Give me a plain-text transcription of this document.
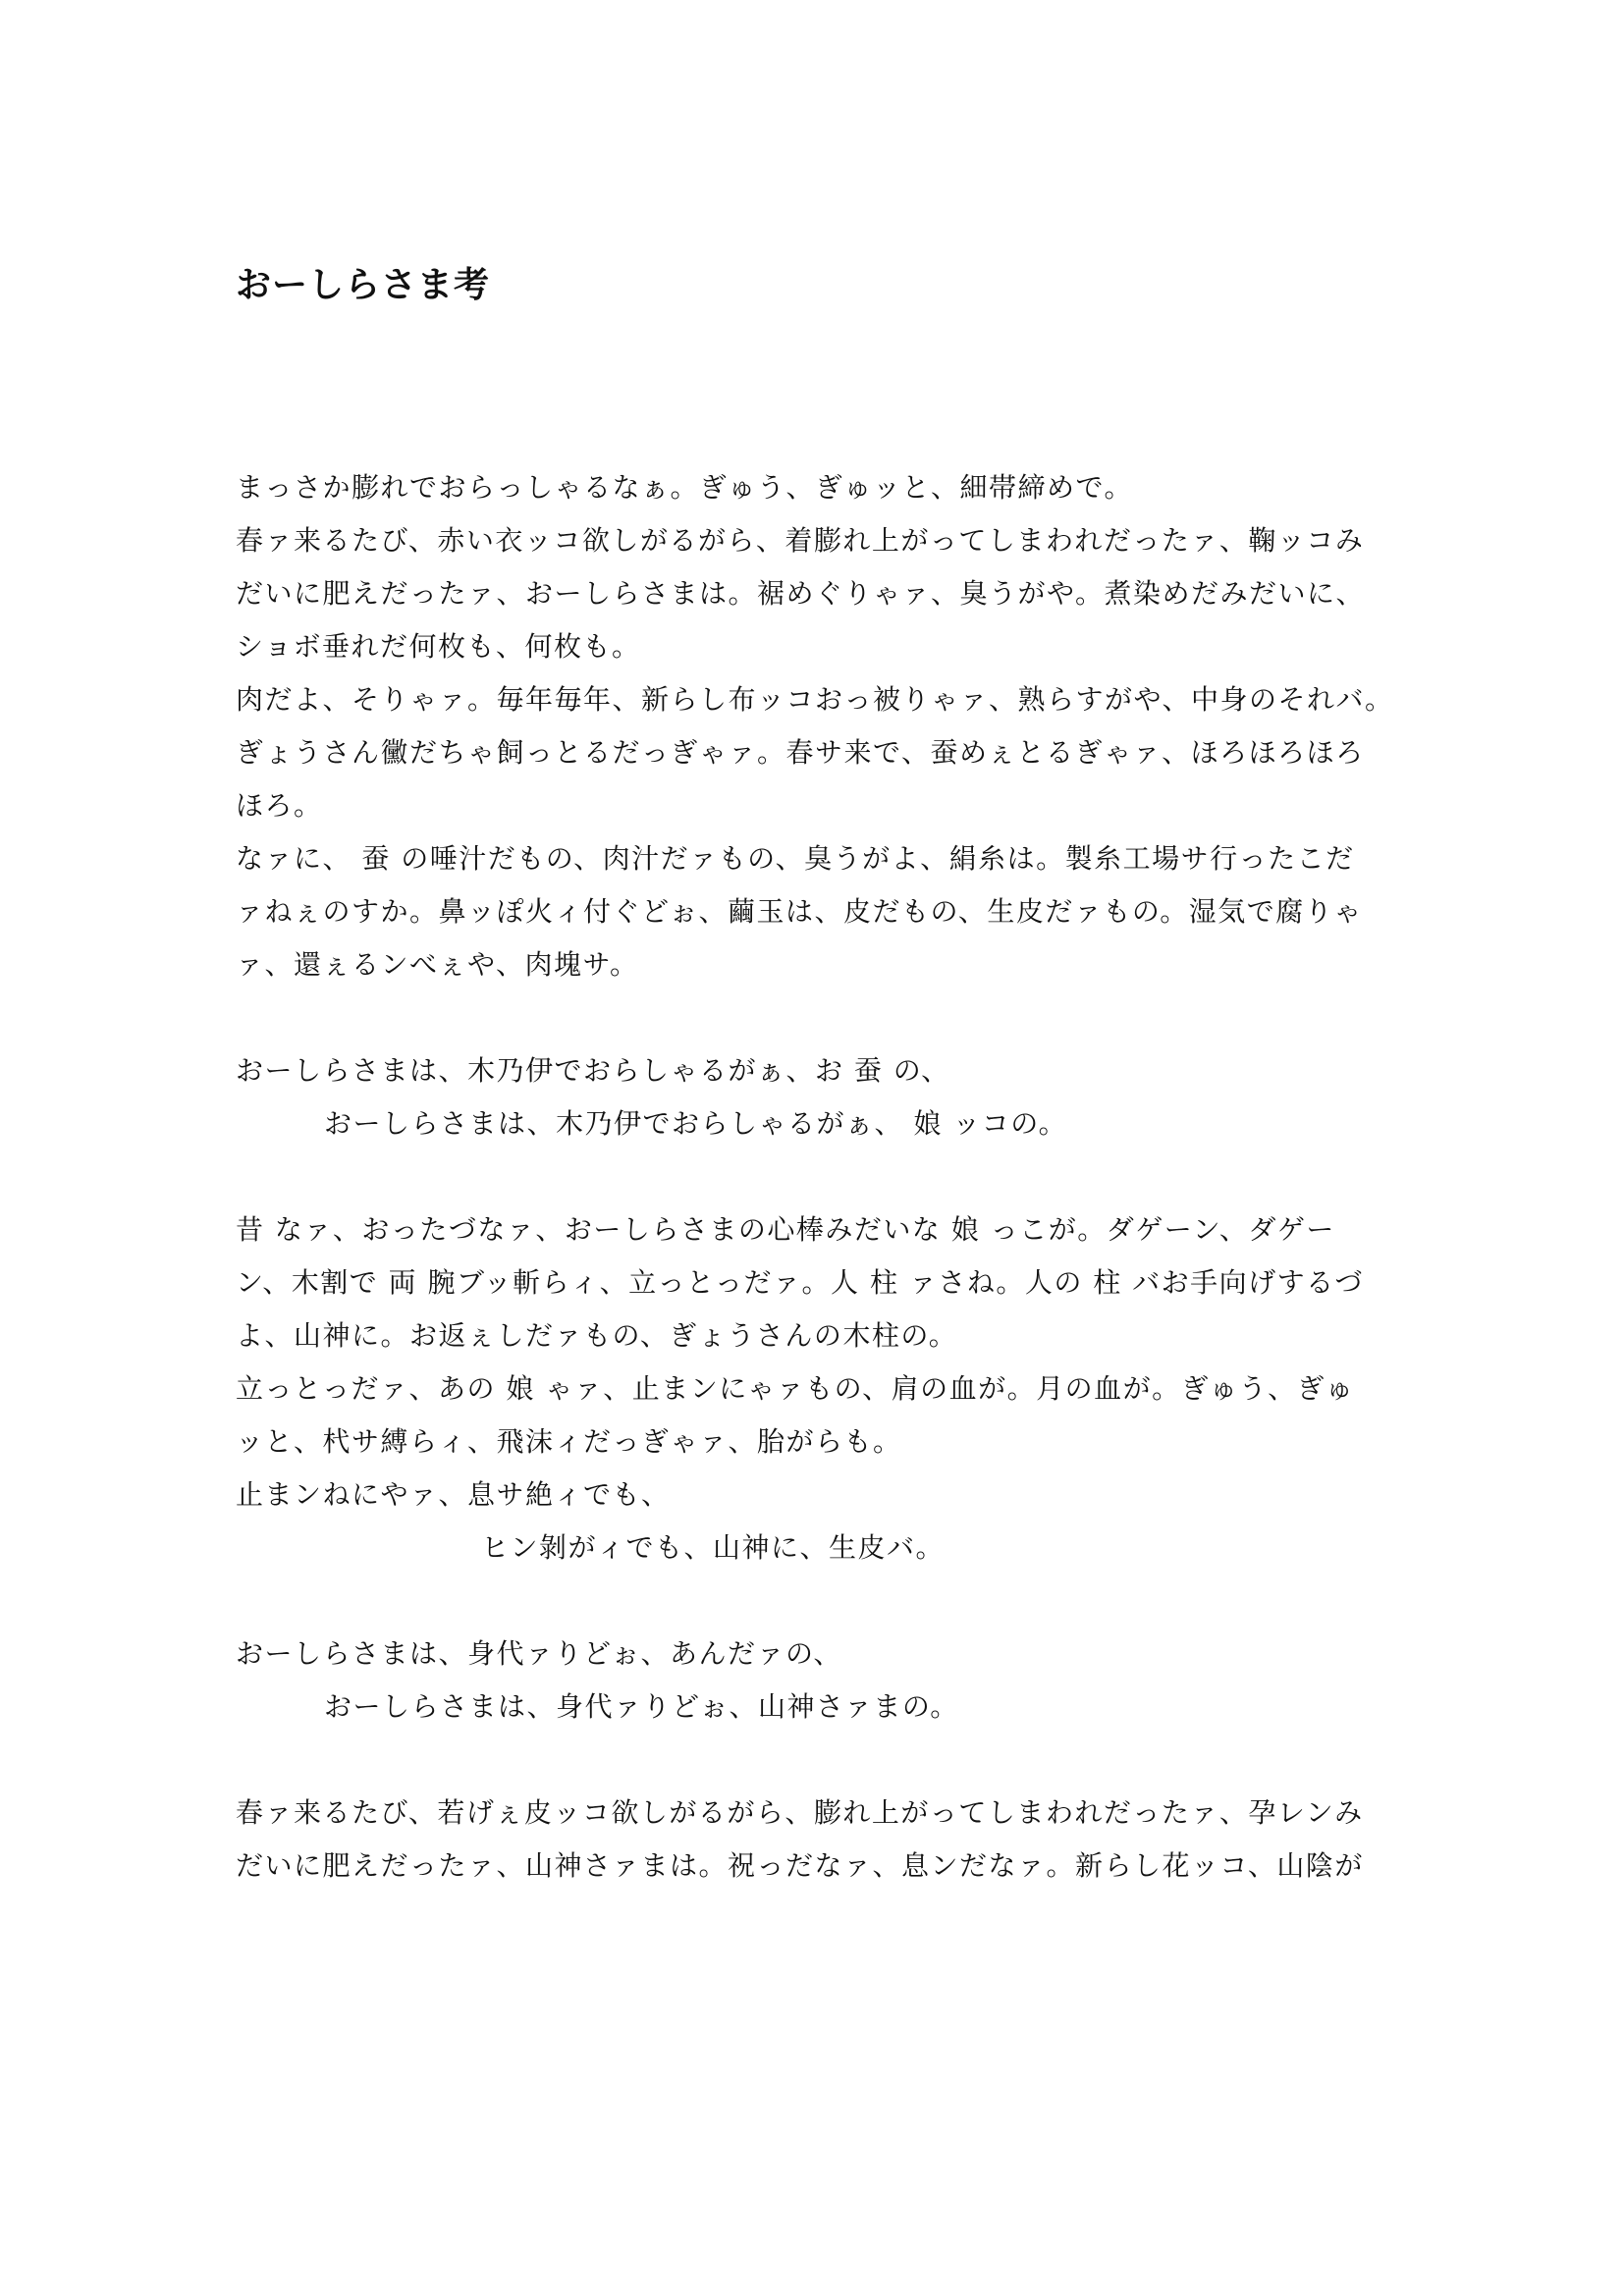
おーしらさま考

まっさか膨れでおらっしゃるなぁ。ぎゅう、ぎゅッと、細帯締めで。

春ァ来るたび、赤い衣ッコ欲しがるがら、着膨れ上がってしまわれだったァ、鞠ッコみ

だいに肥えだったァ、おーしらさまは。裾めぐりゃァ、臭うがや。煮染めだみだいに、

ショボ垂れだ何枚も、何枚も。

肉だよ、そりゃァ。毎年毎年、新らし布ッコおっ被りゃァ、熟らすがや、中身のそれバ。

ぎょうさん黴だちゃ飼っとるだっぎゃァ。春サ来で、蚕めぇとるぎゃァ、ほろほろほろ

ほろ。

なァに、 蚕 の唾汁だもの、肉汁だァもの、臭うがよ、絹糸は。製糸工場サ行ったこだ

ァねぇのすか。鼻ッぽ火ィ付ぐどぉ、繭玉は、皮だもの、生皮だァもの。湿気で腐りゃ

ァ、還ぇるンべぇや、肉塊サ。

おーしらさまは、木乃伊でおらしゃるがぁ、お 蚕 の、

おーしらさまは、木乃伊でおらしゃるがぁ、 娘 ッコの。

昔 なァ、おったづなァ、おーしらさまの心棒みだいな 娘 っこが。ダゲーン、ダゲー

ン、木割で 両 腕ブッ斬らィ、立っとっだァ。人 柱 ァさね。人の 柱 バお手向げするづ

よ、山神に。お返ぇしだァもの、ぎょうさんの木柱の。

立っとっだァ、あの 娘 ゃァ、止まンにゃァもの、肩の血が。月の血が。ぎゅう、ぎゅ

ッと、杙サ縛らィ、飛沫ィだっぎゃァ、胎がらも。

止まンねにやァ、息サ絶ィでも、

ヒン剝がィでも、山神に、生皮バ。

おーしらさまは、身代ァりどぉ、あんだァの、

おーしらさまは、身代ァりどぉ、山神さァまの。

春ァ来るたび、若げぇ皮ッコ欲しがるがら、膨れ上がってしまわれだったァ、孕レンみ

だいに肥えだったァ、山神さァまは。祝っだなァ、息ンだなァ。新らし花ッコ、山陰が
